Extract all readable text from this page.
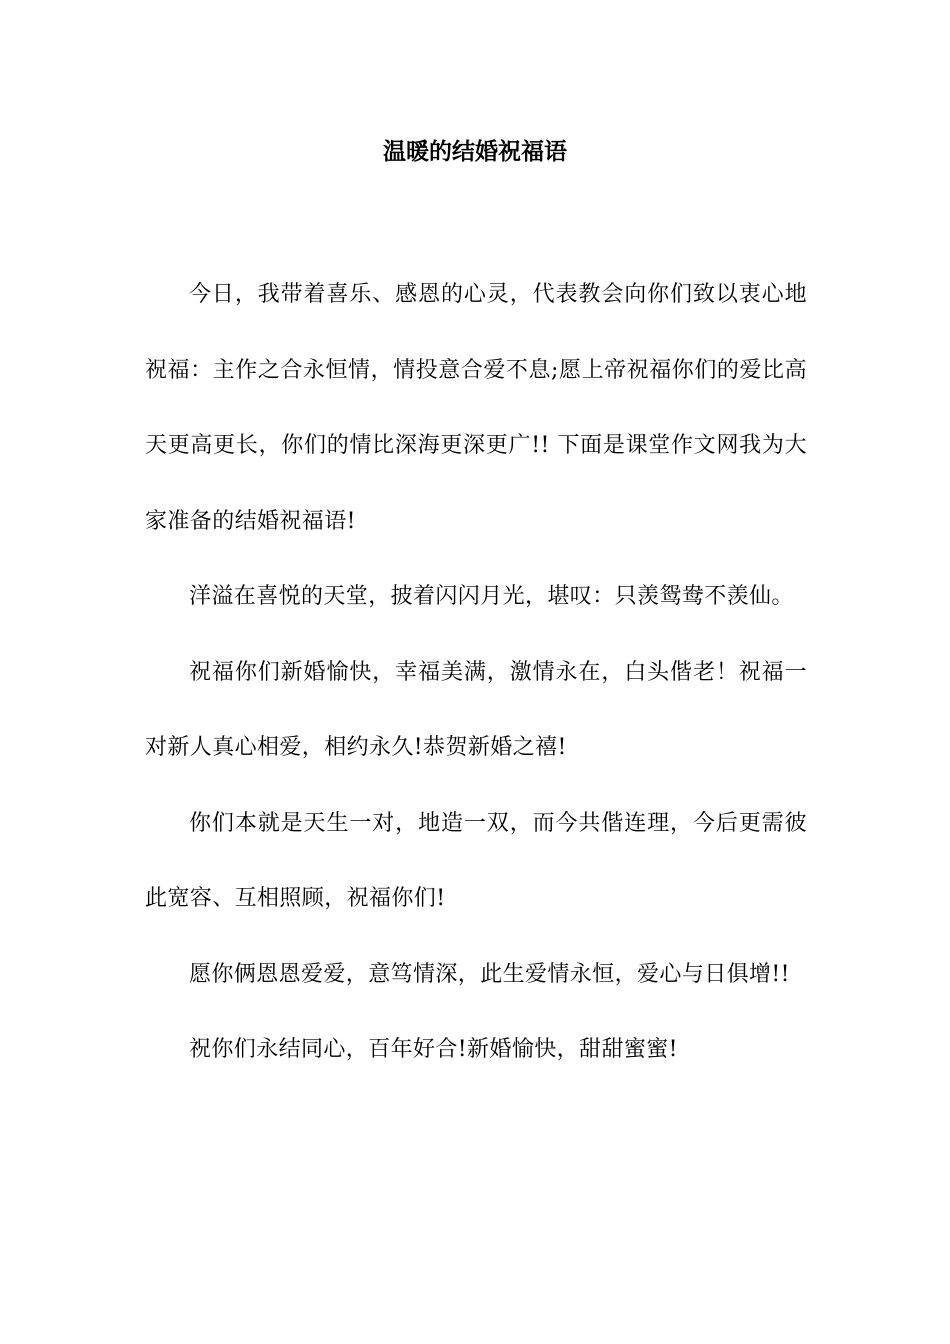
温暖的结婚祝福语

今日，我带着喜乐、感恩的心灵，代表教会向你们致以衷心地祝福：主作之合永恒情，情投意合爱不息;愿上帝祝福你们的爱比高天更高更长，你们的情比深海更深更广!! 下面是课堂作文网我为大家准备的结婚祝福语!

洋溢在喜悦的天堂，披着闪闪月光，堪叹：只羡鸳鸯不羡仙。

祝福你们新婚愉快，幸福美满，激情永在，白头偕老！祝福一对新人真心相爱，相约永久!恭贺新婚之禧!

你们本就是天生一对，地造一双，而今共偕连理，今后更需彼此宽容、互相照顾，祝福你们!

愿你俩恩恩爱爱，意笃情深，此生爱情永恒，爱心与日俱增!!

祝你们永结同心，百年好合!新婚愉快，甜甜蜜蜜!
